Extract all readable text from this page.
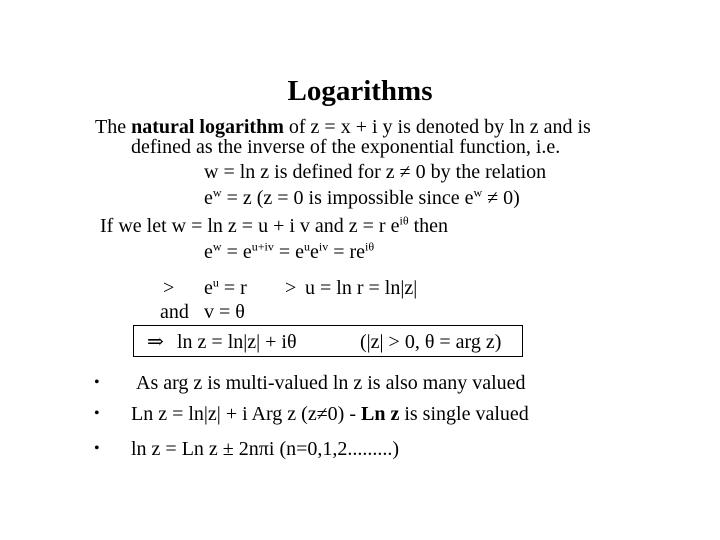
Logarithms
The natural logarithm of z = x + i y is denoted by ln z and is
defined as the inverse of the exponential function, i.e.
w = ln z is defined for z ≠ 0 by the relation
$e^w = z$ (z = 0 is impossible since $e^w \ne 0$)
If we let w = ln z = u + i v and z = r $e^{i\theta}$ then
$e^w = e^{u+iv} = e^ue^{iv} = re^{i\theta}$
> $e^u = r > u = \ln r = \ln|z|$
and v = θ
⇒ ln z = ln|z| + iθ	(|z| > 0, θ = arg z)
• As arg z is multi-valued ln z is also many valued
• Ln z = ln|z| + i Arg z (z≠0) - Ln z is single valued
• ln z = Ln z ± 2nπi (n=0,1,2.........)
